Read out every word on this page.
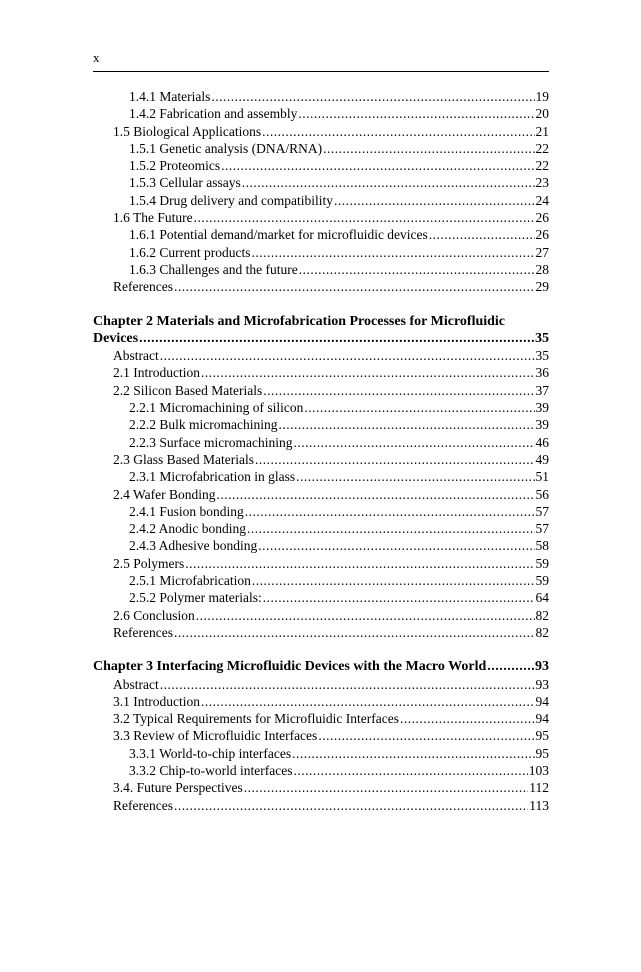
x
1.4.1 Materials .....	19
1.4.2 Fabrication and assembly .....	20
1.5 Biological Applications .....	21
1.5.1 Genetic analysis (DNA/RNA) .....	22
1.5.2 Proteomics .....	22
1.5.3 Cellular assays .....	23
1.5.4 Drug delivery and compatibility .....	24
1.6 The Future .....	26
1.6.1 Potential demand/market for microfluidic devices .....	26
1.6.2 Current products .....	27
1.6.3 Challenges and the future .....	28
References .....	29
Chapter 2 Materials and Microfabrication Processes for Microfluidic
Devices .....	35
Abstract .....	35
2.1 Introduction .....	36
2.2 Silicon Based Materials .....	37
2.2.1 Micromachining of silicon .....	39
2.2.2 Bulk micromachining .....	39
2.2.3 Surface micromachining .....	46
2.3 Glass Based Materials .....	49
2.3.1 Microfabrication in glass .....	51
2.4 Wafer Bonding .....	56
2.4.1 Fusion bonding .....	57
2.4.2 Anodic bonding .....	57
2.4.3 Adhesive bonding .....	58
2.5 Polymers .....	59
2.5.1 Microfabrication .....	59
2.5.2 Polymer materials: .....	64
2.6 Conclusion .....	82
References .....	82
Chapter 3 Interfacing Microfluidic Devices with the Macro World .....	93
Abstract .....	93
3.1 Introduction .....	94
3.2 Typical Requirements for Microfluidic Interfaces .....	94
3.3 Review of Microfluidic Interfaces .....	95
3.3.1 World-to-chip interfaces .....	95
3.3.2 Chip-to-world interfaces .....	103
3.4. Future Perspectives .....	112
References .....	113
